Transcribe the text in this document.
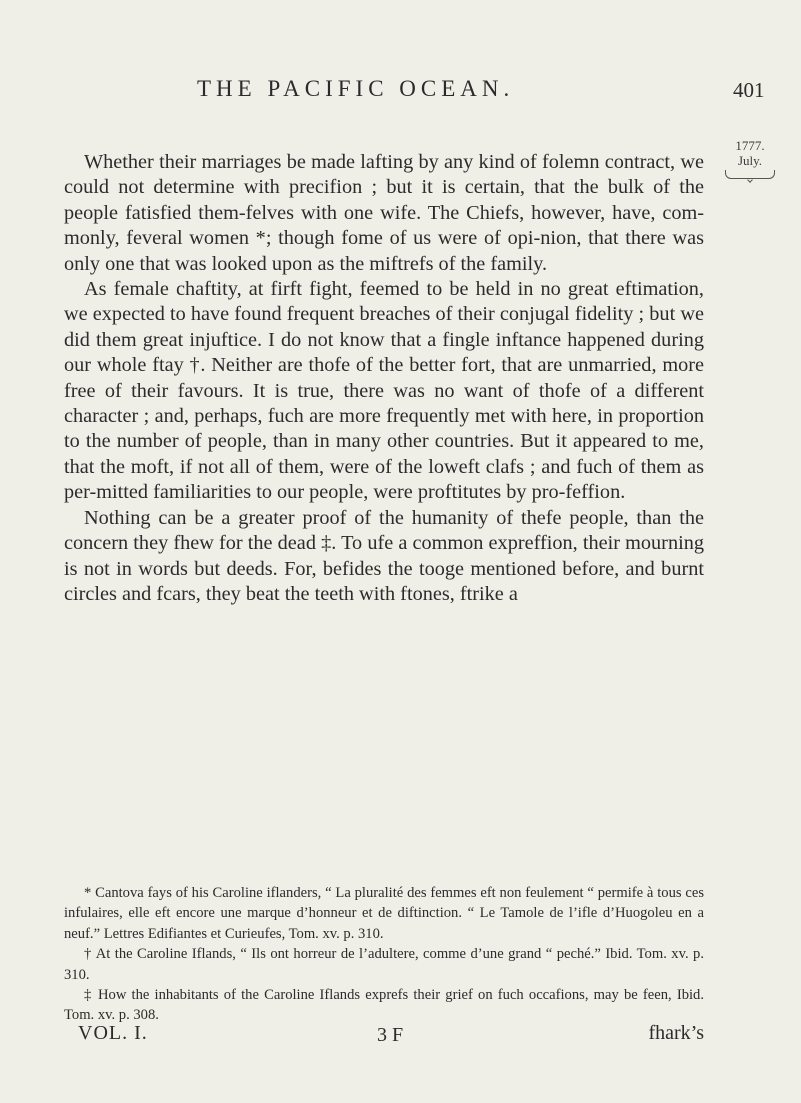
THE PACIFIC OCEAN.	401
1777.
July.

Whether their marriages be made lafting by any kind of folemn contract, we could not determine with precifion ; but it is certain, that the bulk of the people fatisfied them-felves with one wife. The Chiefs, however, have, com-monly, feveral women *; though fome of us were of opi-nion, that there was only one that was looked upon as the miftrefs of the family.

As female chaftity, at firft fight, feemed to be held in no great eftimation, we expected to have found frequent breaches of their conjugal fidelity ; but we did them great injuftice. I do not know that a fingle inftance happened during our whole ftay †. Neither are thofe of the better fort, that are unmarried, more free of their favours. It is true, there was no want of thofe of a different character ; and, perhaps, fuch are more frequently met with here, in proportion to the number of people, than in many other countries. But it appeared to me, that the moft, if not all of them, were of the loweft clafs ; and fuch of them as per-mitted familiarities to our people, were proftitutes by pro-feffion.

Nothing can be a greater proof of the humanity of thefe people, than the concern they fhew for the dead ‡. To ufe a common expreffion, their mourning is not in words but deeds. For, befides the tooge mentioned before, and burnt circles and fcars, they beat the teeth with ftones, ftrike a

* Cantova fays of his Caroline iflanders, “ La pluralité des femmes eft non feulement “ permife à tous ces infulaires, elle eft encore une marque d’honneur et de diftinction. “ Le Tamole de l’ifle d’Huogoleu en a neuf.” Lettres Edifiantes et Curieufes, Tom. xv. p. 310.

† At the Caroline Iflands, “ Ils ont horreur de l’adultere, comme d’une grand “ peché.” Ibid. Tom. xv. p. 310.

‡ How the inhabitants of the Caroline Iflands exprefs their grief on fuch occafions, may be feen, Ibid. Tom. xv. p. 308.

VOL. I.	3 F	fhark’s
